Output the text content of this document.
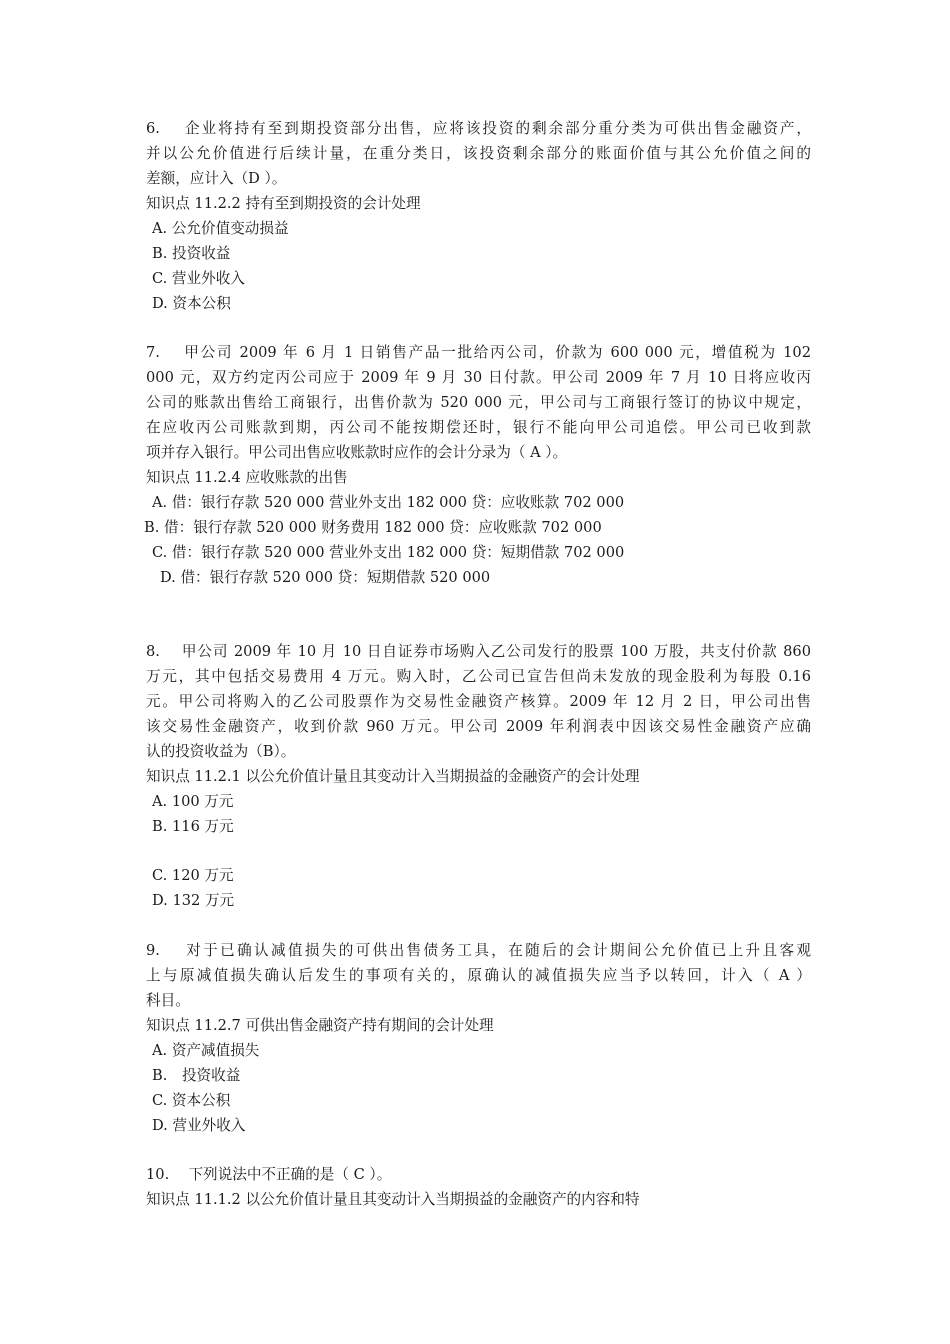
6.　 企业将持有至到期投资部分出售，应将该投资的剩余部分重分类为可供出售金融资产，
并以公允价值进行后续计量，在重分类日，该投资剩余部分的账面价值与其公允价值之间的
差额，应计入（D ）。
知识点 11.2.2 持有至到期投资的会计处理
A. 公允价值变动损益
B. 投资收益
C. 营业外收入
D. 资本公积
7.　 甲公司 2009 年 6 月 1 日销售产品一批给丙公司，价款为 600 000 元，增值税为 102
000 元，双方约定丙公司应于 2009 年 9 月 30 日付款。甲公司 2009 年 7 月 10 日将应收丙
公司的账款出售给工商银行，出售价款为 520 000 元，甲公司与工商银行签订的协议中规定，
在应收丙公司账款到期，丙公司不能按期偿还时，银行不能向甲公司追偿。甲公司已收到款
项并存入银行。甲公司出售应收账款时应作的会计分录为（ A ）。
知识点 11.2.4 应收账款的出售
A. 借：银行存款 520 000 营业外支出 182 000 贷：应收账款 702 000
B. 借：银行存款 520 000 财务费用 182 000 贷：应收账款 702 000
C. 借：银行存款 520 000 营业外支出 182 000 贷：短期借款 702 000
D. 借：银行存款 520 000 贷：短期借款 520 000
8.　 甲公司 2009 年 10 月 10 日自证券市场购入乙公司发行的股票 100 万股，共支付价款 860
万元，其中包括交易费用 4 万元。购入时，乙公司已宣告但尚未发放的现金股利为每股 0.16
元。甲公司将购入的乙公司股票作为交易性金融资产核算。2009 年 12 月 2 日，甲公司出售
该交易性金融资产，收到价款 960 万元。甲公司 2009 年利润表中因该交易性金融资产应确
认的投资收益为（B）。
知识点 11.2.1 以公允价值计量且其变动计入当期损益的金融资产的会计处理
A. 100 万元
B. 116 万元
C. 120 万元
D. 132 万元
9.　 对于已确认减值损失的可供出售债务工具，在随后的会计期间公允价值已上升且客观
上与原减值损失确认后发生的事项有关的，原确认的减值损失应当予以转回，计入（ A ）
科目。
知识点 11.2.7 可供出售金融资产持有期间的会计处理
A. 资产减值损失
B.　投资收益
C. 资本公积
D. 营业外收入
10.　 下列说法中不正确的是（ C ）。
知识点 11.1.2 以公允价值计量且其变动计入当期损益的金融资产的内容和特
